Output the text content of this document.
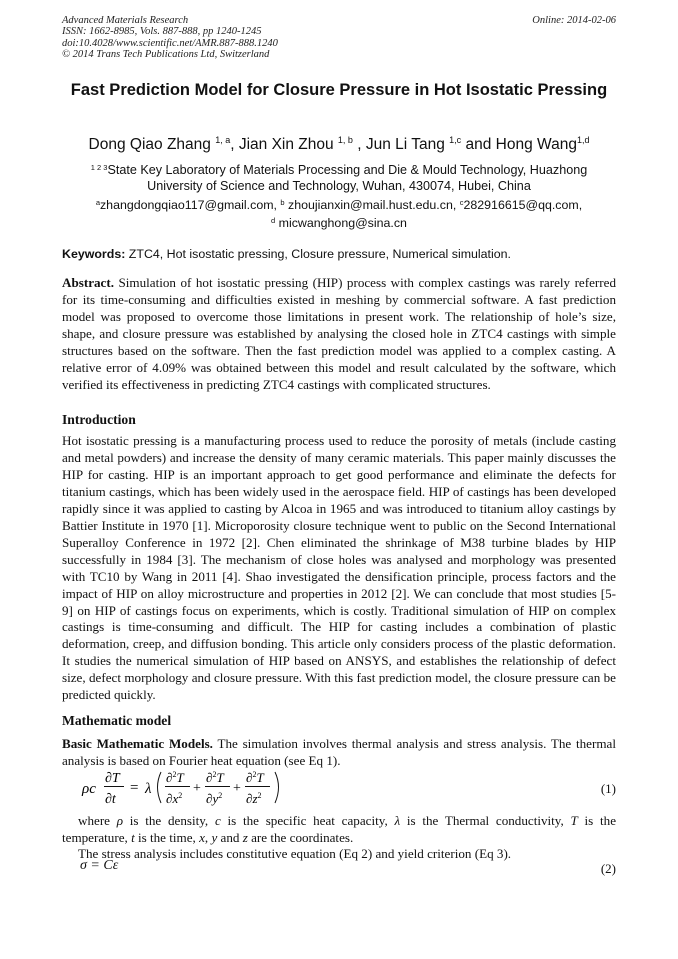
Advanced Materials Research
ISSN: 1662-8985, Vols. 887-888, pp 1240-1245
doi:10.4028/www.scientific.net/AMR.887-888.1240
© 2014 Trans Tech Publications Ltd, Switzerland
Online: 2014-02-06
Fast Prediction Model for Closure Pressure in Hot Isostatic Pressing
Dong Qiao Zhang $^{1, a}$, Jian Xin Zhou $^{1, b}$ , Jun Li Tang $^{1,c}$ and Hong Wang$^{1,d}$
$^{1 2 3}$State Key Laboratory of Materials Processing and Die & Mould Technology, Huazhong University of Science and Technology, Wuhan, 430074, Hubei, China
$^a$zhangdongqiao117@gmail.com, $^b$ zhoujianxin@mail.hust.edu.cn, $^c$282916615@qq.com,
$^d$ micwanghong@sina.cn
Keywords: ZTC4, Hot isostatic pressing, Closure pressure, Numerical simulation.
Abstract. Simulation of hot isostatic pressing (HIP) process with complex castings was rarely referred for its time-consuming and difficulties existed in meshing by commercial software. A fast prediction model was proposed to overcome those limitations in present work. The relationship of hole’s size, shape, and closure pressure was established by analysing the closed hole in ZTC4 castings with simple structures based on the software. Then the fast prediction model was applied to a complex casting. A relative error of 4.09% was obtained between this model and result calculated by the software, which verified its effectiveness in predicting ZTC4 castings with complicated structures.
Introduction
Hot isostatic pressing is a manufacturing process used to reduce the porosity of metals (include casting and metal powders) and increase the density of many ceramic materials. This paper mainly discusses the HIP for casting. HIP is an important approach to get good performance and eliminate the defects for titanium castings, which has been widely used in the aerospace field. HIP of castings has been developed rapidly since it was applied to casting by Alcoa in 1965 and was introduced to titanium alloy castings by Battier Institute in 1970 [1]. Microporosity closure technique went to public on the Second International Superalloy Conference in 1972 [2]. Chen eliminated the shrinkage of M38 turbine blades by HIP successfully in 1984 [3]. The mechanism of close holes was analysed and morphology was presented with TC10 by Wang in 2011 [4]. Shao investigated the densification principle, process factors and the impact of HIP on alloy microstructure and properties in 2012 [2]. We can conclude that most studies [5-9] on HIP of castings focus on experiments, which is costly. Traditional simulation of HIP on complex castings is time-consuming and difficult. The HIP for casting includes a combination of plastic deformation, creep, and diffusion bonding. This article only considers process of the plastic deformation. It studies the numerical simulation of HIP based on ANSYS, and establishes the relationship of defect size, defect morphology and closure pressure. With this fast prediction model, the closure pressure can be predicted quickly.
Mathematic model
Basic Mathematic Models. The simulation involves thermal analysis and stress analysis. The thermal analysis is based on Fourier heat equation (see Eq 1).
ρc
∂T
∂t
= λ
∂$^2$T
$\partial x^2$ +
∂$^2$T
$\partial y^2$ +
∂$^2$T
$\partial z^2$	(1)
where ρ is the density, c is the specific heat capacity, λ is the Thermal conductivity, T is the temperature, t is the time, x, y and z are the coordinates.
The stress analysis includes constitutive equation (Eq 2) and yield criterion (Eq 3).
σ = Cε	(2)
